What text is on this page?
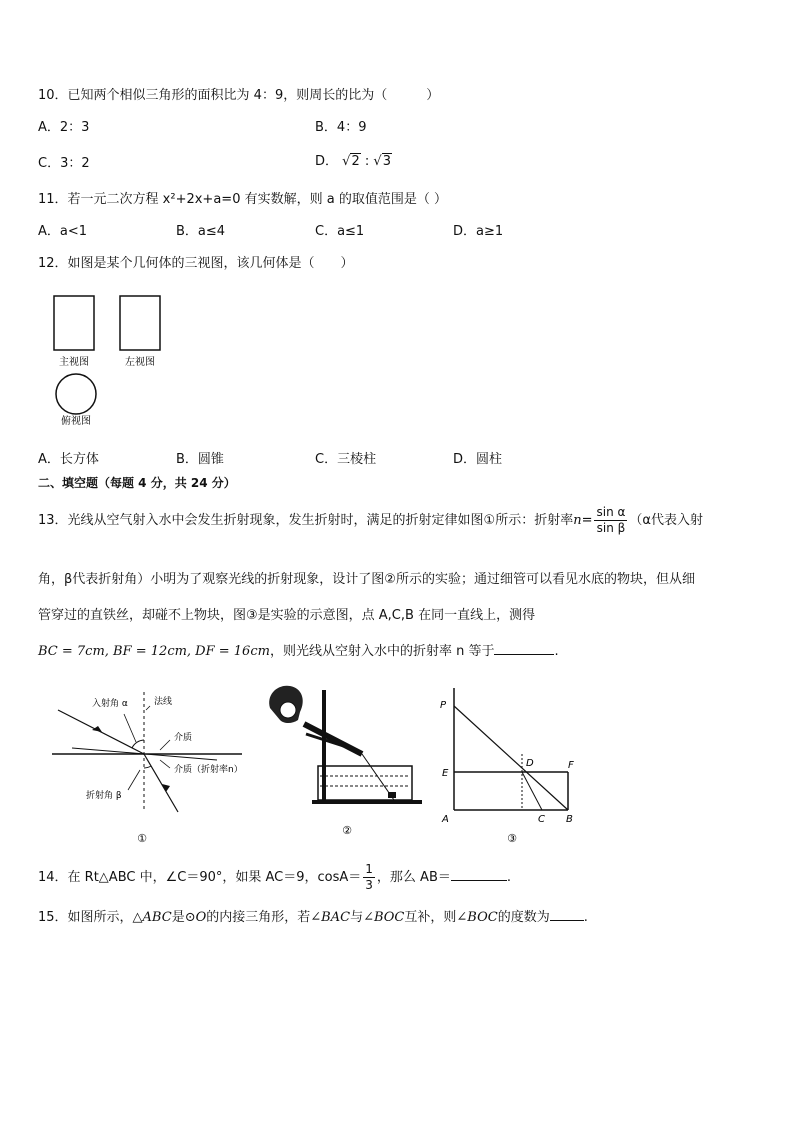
10．已知两个相似三角形的面积比为 4：9，则周长的比为（　　　）
A．2：3	B．4：9
C．3：2	D． √2 : √3
11．若一元二次方程 x²+2x+a=0 有实数解，则 a 的取值范围是（ ）
A．a<1	B．a≤4	C．a≤1	D．a≥1
12．如图是某个几何体的三视图，该几何体是（　　）
主视图	左视图
俯视图
A．长方体	B．圆锥	C．三棱柱	D．圆柱
二、填空题（每题 4 分，共 24 分）
13．光线从空气射入水中会发生折射现象，发生折射时，满足的折射定律如图①所示：折射率$n= \frac{\text{sin α}}{\text{sin β}} (\alpha$代表入射
角，β代表折射角）小明为了观察光线的折射现象，设计了图②所示的实验；通过细管可以看见水底的物块，但从细
管穿过的直铁丝，却碰不上物块，图③是实验的示意图，点 A,C,B 在同一直线上，测得
BC = 7cm, BF = 12cm, DF = 16cm，则光线从空射入水中的折射率 n 等于	.
入射角 α	法线
介质
介质（折射率n）
折射角 β
①
②
P
E
D	F
A	C B
③
14．在 Rt△ABC 中，∠C＝90°，如果 AC＝9，$\cos A= \frac{1}{3}$ ，那么 AB＝	.
15．如图所示，△ABC是⊙O的内接三角形，若∠BAC与∠BOC互补，则∠BOC的度数为	.
